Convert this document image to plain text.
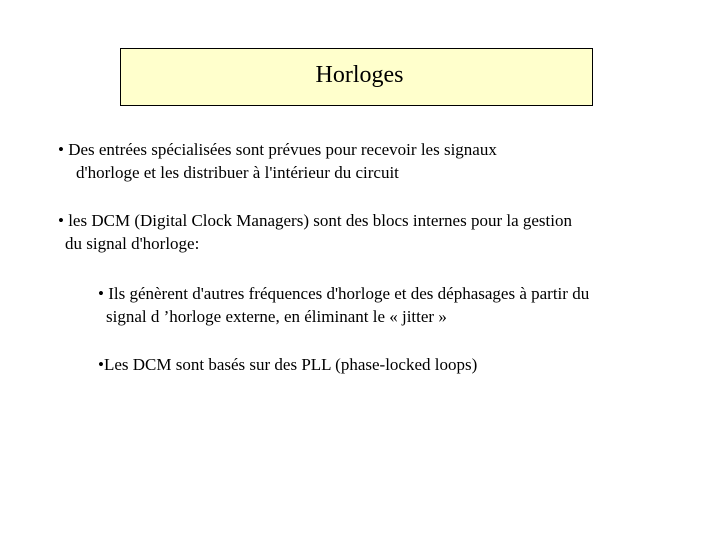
Horloges
• Des entrées spécialisées sont prévues pour recevoir les signaux
d'horloge et les distribuer à l'intérieur du circuit
• les DCM (Digital Clock Managers) sont des blocs internes pour la gestion
du signal d'horloge:
• Ils génèrent d'autres fréquences d'horloge et des déphasages à partir du
signal d ’horloge externe, en éliminant le « jitter »
•Les DCM sont basés sur des PLL (phase-locked loops)
